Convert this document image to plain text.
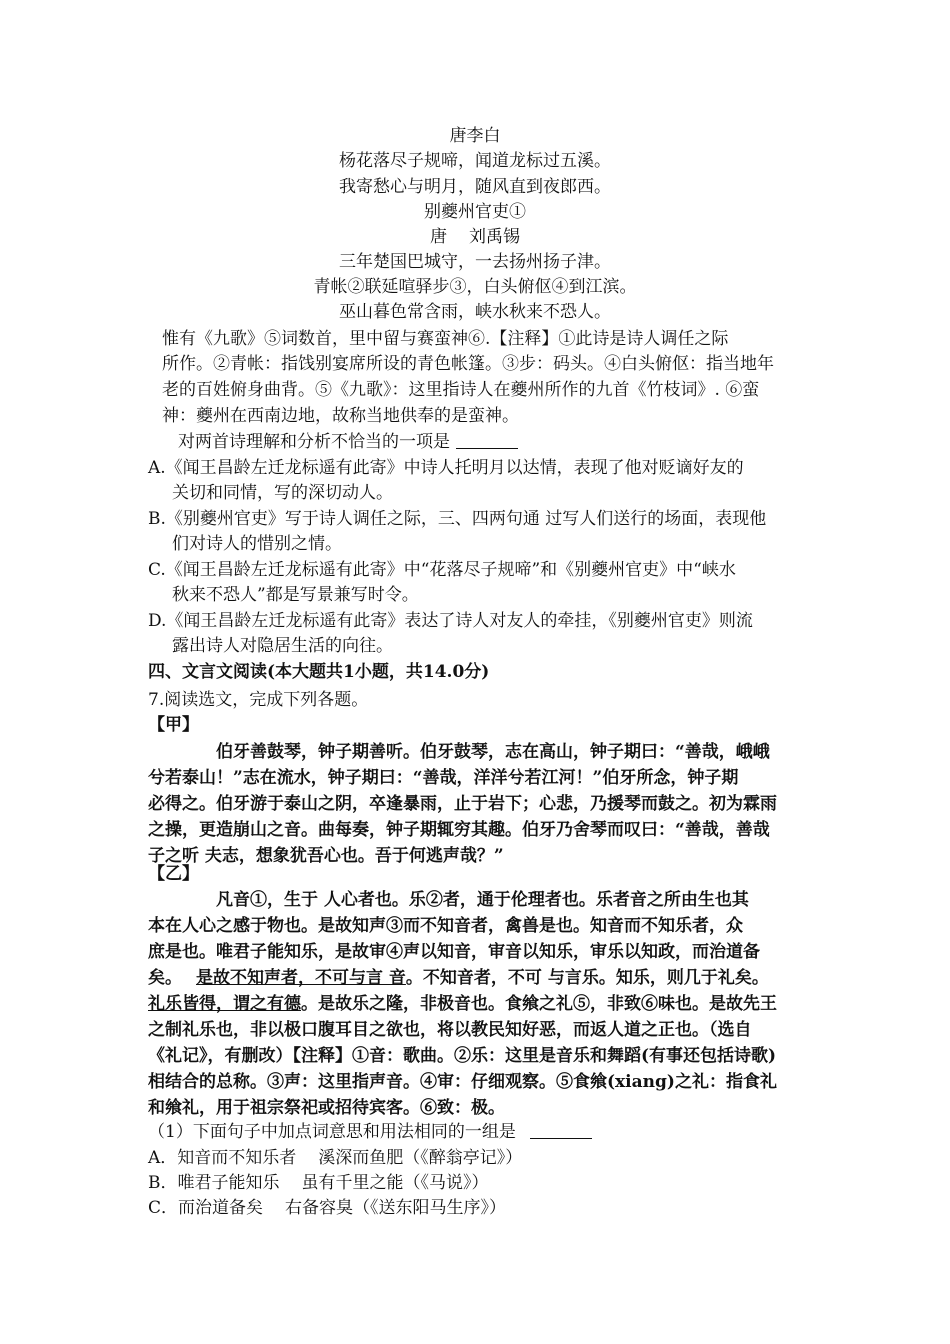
唐李白
杨花落尽子规啼，闻道龙标过五溪。
我寄愁心与明月，随风直到夜郎西。
别夔州官吏①
唐 刘禹锡
三年楚国巴城守，一去扬州扬子津。
青帐②联延喧驿步③，白头俯伛④到江滨。
巫山暮色常含雨，峡水秋来不恐人。
惟有《九歌》⑤词数首，里中留与赛蛮神⑥.【注释】①此诗是诗人调任之际
所作。②青帐：指饯别宴席所设的青色帐篷。③步：码头。④白头俯伛：指当地年
老的百姓俯身曲背。⑤《九歌》：这里指诗人在夔州所作的九首《竹枝词》. ⑥蛮
神：夔州在西南边地，故称当地供奉的是蛮神。
对两首诗理解和分析不恰当的一项是
A.《闻王昌龄左迁龙标遥有此寄》中诗人托明月以达情，表现了他对贬谪好友的
关切和同情，写的深切动人。
B.《别夔州官吏》写于诗人调任之际，三、四两句通 过写人们送行的场面，表现他
们对诗人的惜别之情。
C.《闻王昌龄左迁龙标遥有此寄》中“花落尽子规啼”和《别夔州官吏》中“峡水
秋来不恐人”都是写景兼写时令。
D.《闻王昌龄左迁龙标遥有此寄》表达了诗人对友人的牵挂，《别夔州官吏》则流
露出诗人对隐居生活的向往。
四、文言文阅读(本大题共1小题，共14.0分)
7.阅读选文，完成下列各题。
【甲】
伯牙善鼓琴，钟子期善听。伯牙鼓琴，志在高山，钟子期曰：“善哉，峨峨
兮若泰山！”志在流水，钟子期曰：“善哉，洋洋兮若江河！”伯牙所念，钟子期
必得之。伯牙游于泰山之阴，卒逢暴雨，止于岩下；心悲，乃援琴而鼓之。初为霖雨
之操，更造崩山之音。曲每奏，钟子期辄穷其趣。伯牙乃舍琴而叹曰：“善哉，善哉
子之听 夫志，想象犹吾心也。吾于何逃声哉？”
【乙】
凡音①，生于 人心者也。乐②者，通于伦理者也。乐者音之所由生也其
本在人心之感于物也。是故知声③而不知音者，禽兽是也。知音而不知乐者，众
庶是也。唯君子能知乐，是故审④声以知音，审音以知乐，审乐以知政，而治道备
矣。 是故不知声者，不可与言 音。不知音者，不可 与言乐。知乐，则几于礼矣。
礼乐皆得，谓之有德。是故乐之隆，非极音也。食飨之礼⑤，非致⑥味也。是故先王
之制礼乐也，非以极口腹耳目之欲也，将以教民知好恶，而返人道之正也。（选自
《礼记》，有删改）【注释】①音：歌曲。②乐：这里是音乐和舞蹈(有事还包括诗歌)
相结合的总称。③声：这里指声音。④审：仔细观察。⑤食飨(xiang)之礼：指食礼
和飨礼，用于祖宗祭祀或招待宾客。⑥致：极。
（1）下面句子中加点词意思和用法相同的一组是
A．知音而不知乐者 溪深而鱼肥（《醉翁亭记》）
B．唯君子能知乐 虽有千里之能（《马说》）
C．而治道备矣 右备容臭（《送东阳马生序》）
